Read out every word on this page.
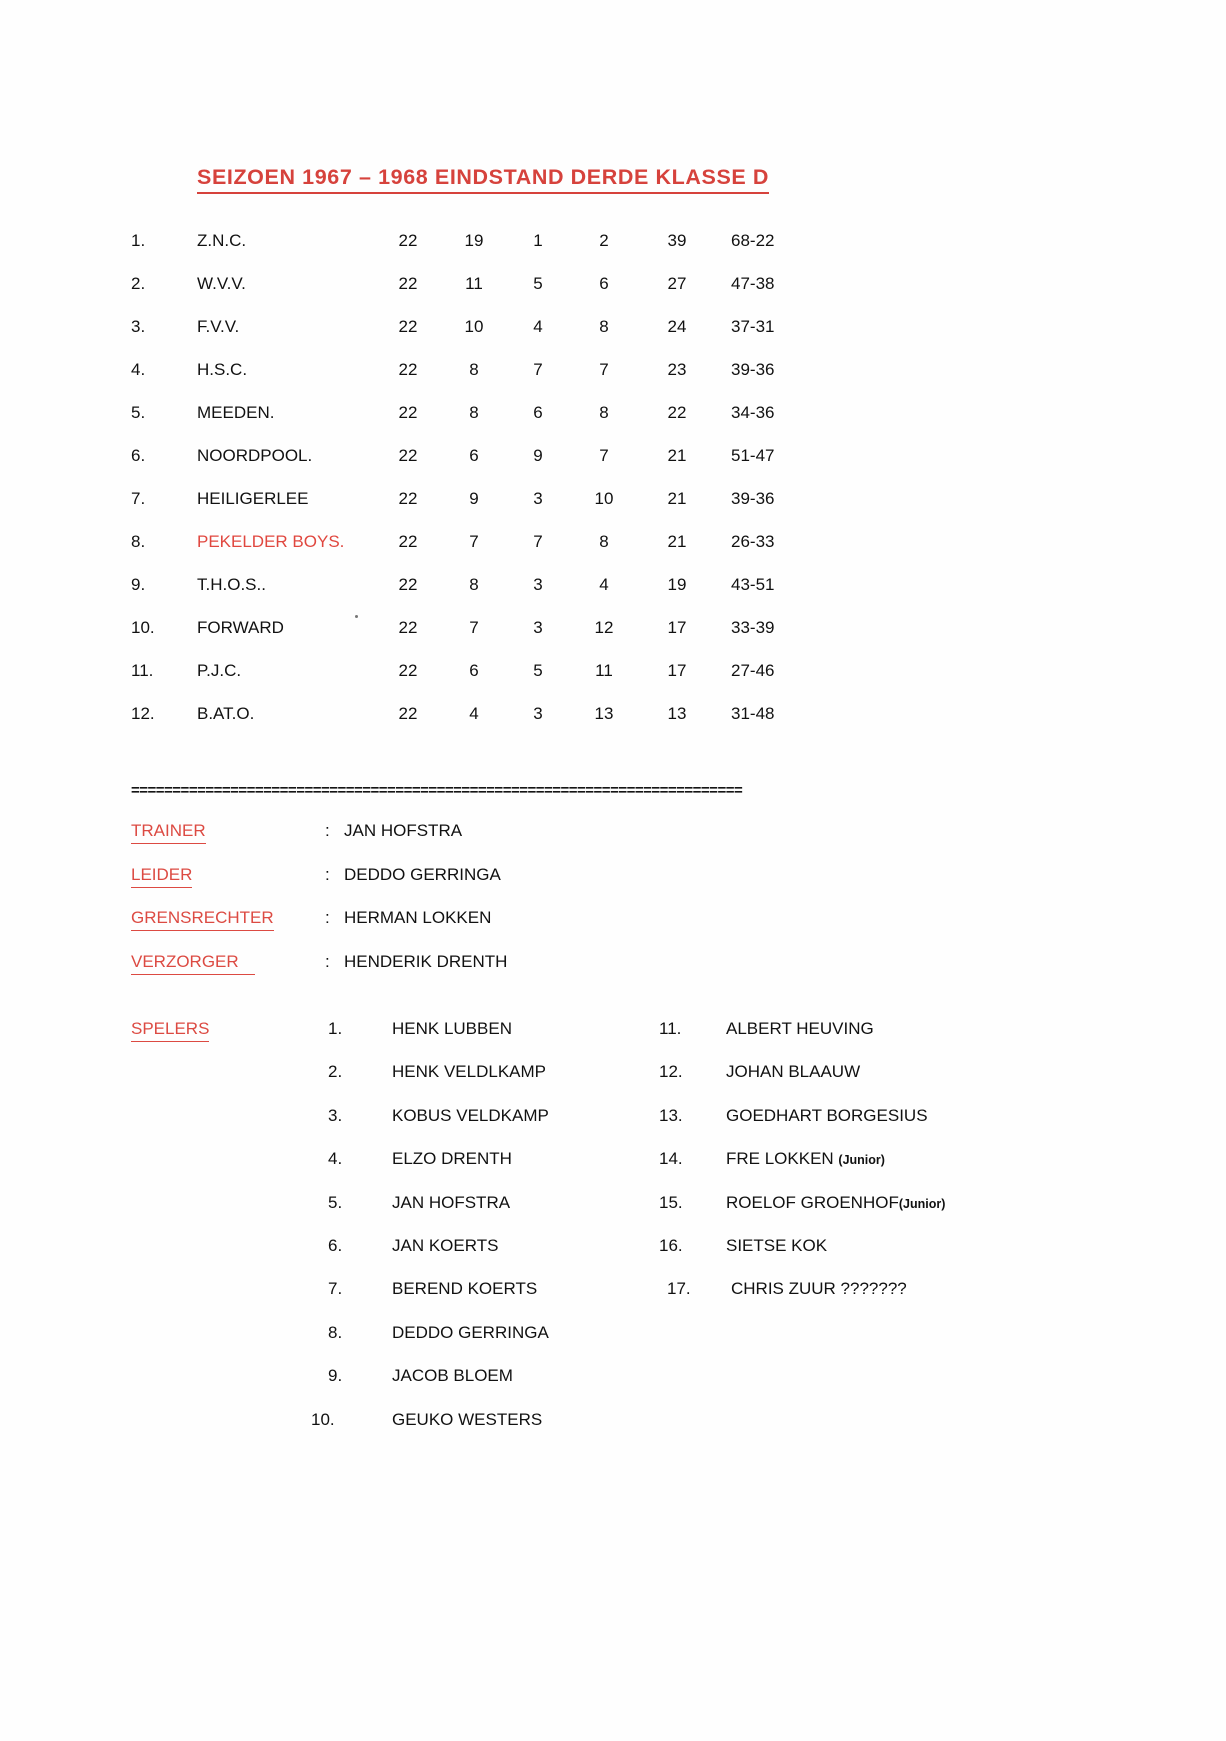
SEIZOEN 1967 – 1968 EINDSTAND DERDE KLASSE D
1.	Z.N.C.	22	19	1	2	39	68-22
2.	W.V.V.	22	11	5	6	27	47-38
3.	F.V.V.	22	10	4	8	24	37-31
4.	H.S.C.	22	8	7	7	23	39-36
5.	MEEDEN.	22	8	6	8	22	34-36
6.	NOORDPOOL.	22	6	9	7	21	51-47
7.	HEILIGERLEE	22	9	3	10	21	39-36
8.	PEKELDER BOYS.	22	7	7	8	21	26-33
9.	T.H.O.S..	22	8	3	4	19	43-51
10.	FORWARD	22	7	3	12	17	33-39
11.	P.J.C.	22	6	5	11	17	27-46
12.	B.AT.O.	22	4	3	13	13	31-48
==========================================================================
TRAINER	: JAN HOFSTRA
LEIDER	: DEDDO GERRINGA
GRENSRECHTER	: HERMAN LOKKEN
VERZORGER	: HENDERIK DRENTH
SPELERS	1.	HENK LUBBEN	11.	ALBERT HEUVING
2.	HENK VELDLKAMP	12.	JOHAN BLAAUW
3.	KOBUS VELDKAMP	13.	GOEDHART BORGESIUS
4.	ELZO DRENTH	14.	FRE LOKKEN (Junior)
5.	JAN HOFSTRA	15.	ROELOF GROENHOF(Junior)
6.	JAN KOERTS	16.	SIETSE KOK
7.	BEREND KOERTS	17.	CHRIS ZUUR ???????
8.	DEDDO GERRINGA
9.	JACOB BLOEM
10.	GEUKO WESTERS
